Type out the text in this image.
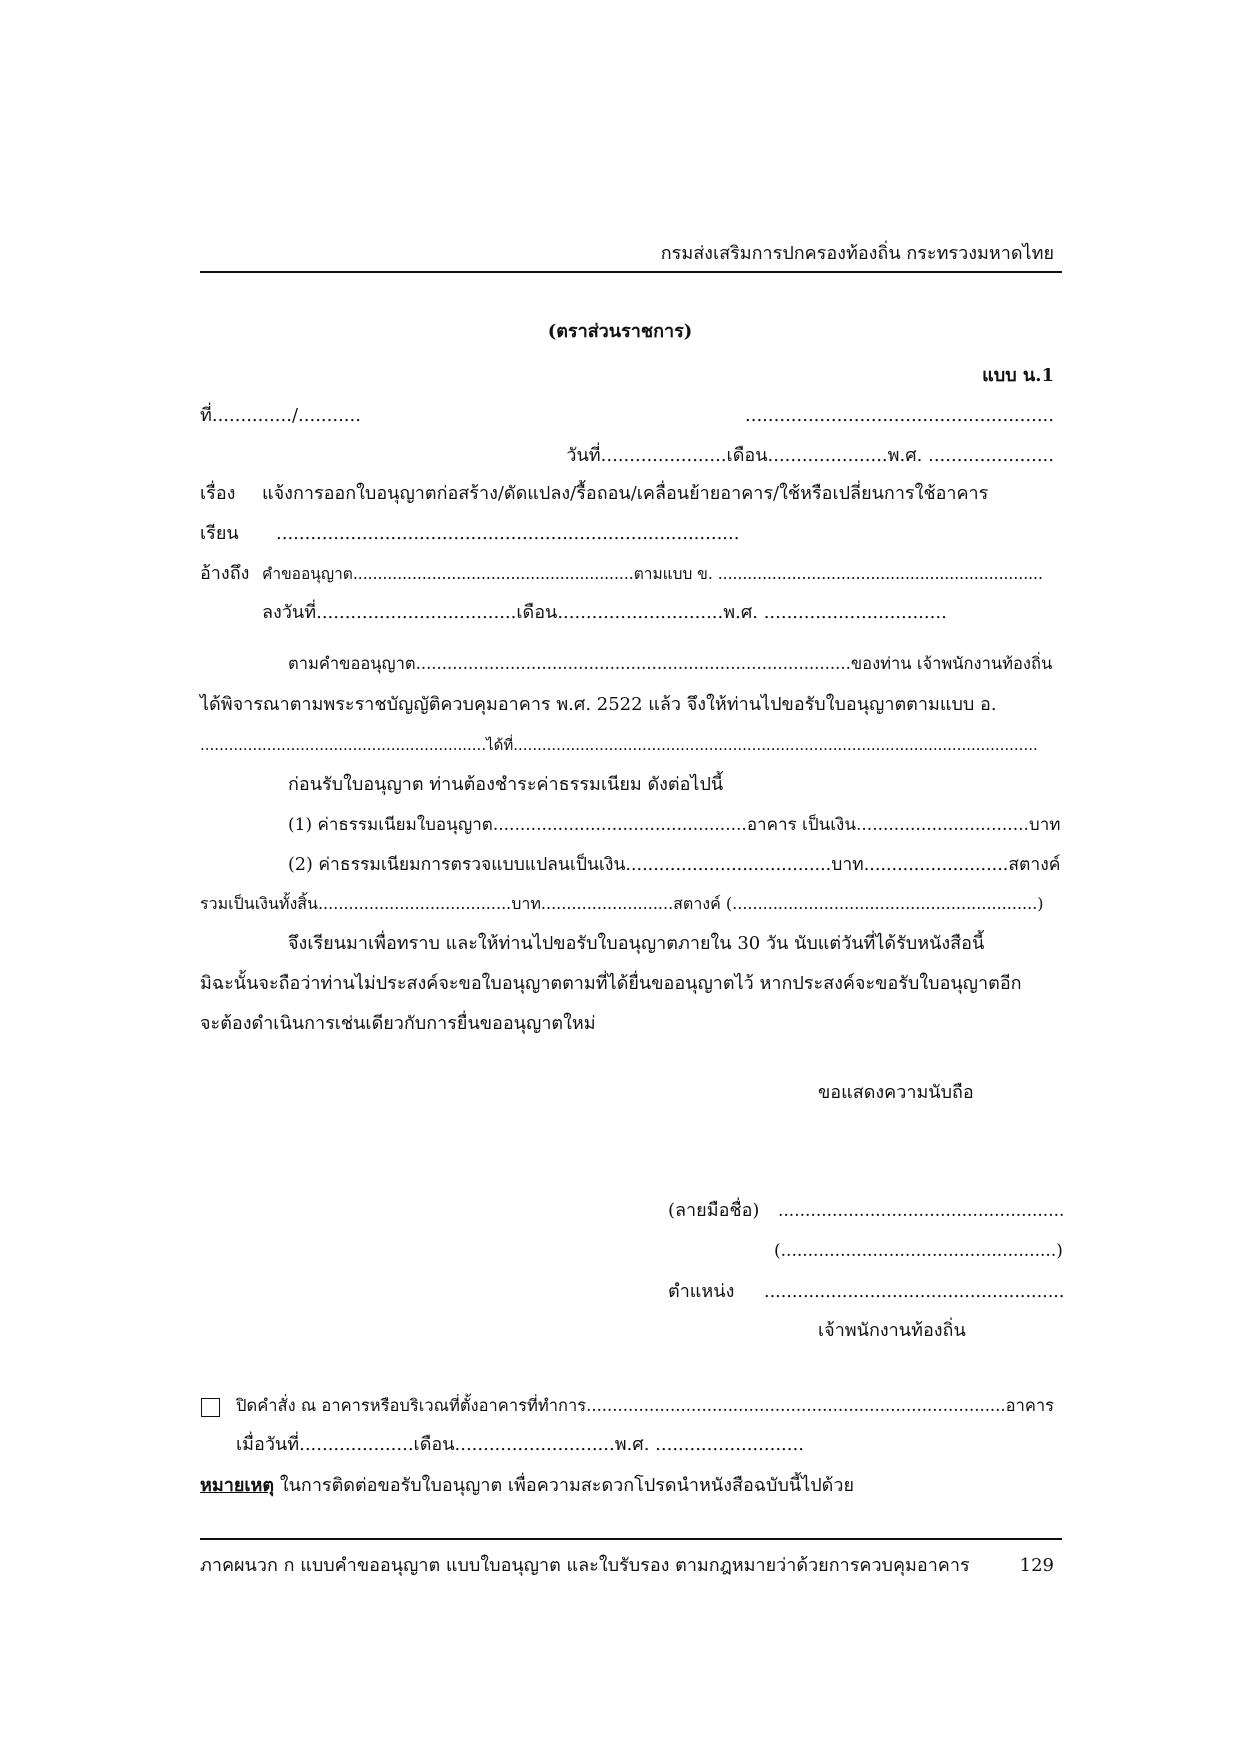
กรมส่งเสริมการปกครองท้องถิ่น กระทรวงมหาดไทย
(ตราส่วนราชการ)
แบบ น.1
ที่............../...........	......................................................
วันที่......................เดือน.....................พ.ศ. ......................
เรื่อง แจ้งการออกใบอนุญาตก่อสร้าง/ดัดแปลง/รื้อถอน/เคลื่อนย้ายอาคาร/ใช้หรือเปลี่ยนการใช้อาคาร
เรียน .................................................................................
อ้างถึง คำขออนุญาต.........................................................ตามแบบ ข. ..................................................................
ลงวันที่...................................เดือน.............................พ.ศ. ................................
ตามคำขออนุญาต...................................................................................ของท่าน เจ้าพนักงานท้องถิ่น
ได้พิจารณาตามพระราชบัญญัติควบคุมอาคาร พ.ศ. 2522 แล้ว จึงให้ท่านไปขอรับใบอนุญาตตามแบบ อ.
............................................................ได้ที่..............................................................................................................
ก่อนรับใบอนุญาต ท่านต้องชำระค่าธรรมเนียม ดังต่อไปนี้
(1) ค่าธรรมเนียมใบอนุญาต...............................................อาคาร เป็นเงิน................................บาท
(2) ค่าธรรมเนียมการตรวจแบบแปลนเป็นเงิน.....................................บาท..........................สตางค์
รวมเป็นเงินทั้งสิ้น......................................บาท..........................สตางค์ (............................................................)
จึงเรียนมาเพื่อทราบ และให้ท่านไปขอรับใบอนุญาตภายใน 30 วัน นับแต่วันที่ได้รับหนังสือนี้
มิฉะนั้นจะถือว่าท่านไม่ประสงค์จะขอใบอนุญาตตามที่ได้ยื่นขออนุญาตไว้ หากประสงค์จะขอรับใบอนุญาตอีก
จะต้องดำเนินการเช่นเดียวกับการยื่นขออนุญาตใหม่
ขอแสดงความนับถือ
(ลายมือชื่อ) .....................................................
(...................................................)
ตำแหน่ง ......................................................
เจ้าพนักงานท้องถิ่น
ปิดคำสั่ง ณ อาคารหรือบริเวณที่ตั้งอาคารที่ทำการ................................................................................อาคาร
เมื่อวันที่....................เดือน............................พ.ศ. ..........................
หมายเหตุ ในการติดต่อขอรับใบอนุญาต เพื่อความสะดวกโปรดนำหนังสือฉบับนี้ไปด้วย
ภาคผนวก ก แบบคำขออนุญาต แบบใบอนุญาต และใบรับรอง ตามกฎหมายว่าด้วยการควบคุมอาคาร	129
